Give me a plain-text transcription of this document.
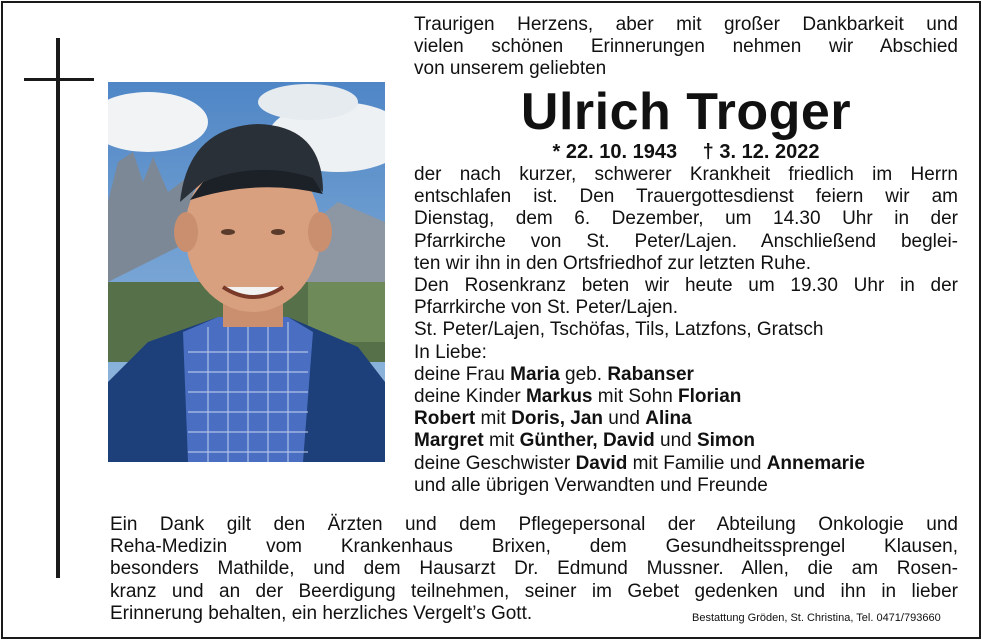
Traurigen Herzens, aber mit großer Dankbarkeit und
vielen schönen Erinnerungen nehmen wir Abschied
von unserem geliebten
Ulrich Troger
* 22. 10. 1943 † 3. 12. 2022
der nach kurzer, schwerer Krankheit friedlich im Herrn
entschlafen ist. Den Trauergottesdienst feiern wir am
Dienstag, dem 6. Dezember, um 14.30 Uhr in der
Pfarrkirche von St. Peter/Lajen. Anschließend beglei-
ten wir ihn in den Ortsfriedhof zur letzten Ruhe.
Den Rosenkranz beten wir heute um 19.30 Uhr in der
Pfarrkirche von St. Peter/Lajen.
St. Peter/Lajen, Tschöfas, Tils, Latzfons, Gratsch
In Liebe:
deine Frau Maria geb. Rabanser
deine Kinder Markus mit Sohn Florian
Robert mit Doris, Jan und Alina
Margret mit Günther, David und Simon
deine Geschwister David mit Familie und Annemarie
und alle übrigen Verwandten und Freunde
Ein Dank gilt den Ärzten und dem Pflegepersonal der Abteilung Onkologie und
Reha-Medizin vom Krankenhaus Brixen, dem Gesundheitssprengel Klausen,
besonders Mathilde, und dem Hausarzt Dr. Edmund Mussner. Allen, die am Rosen-
kranz und an der Beerdigung teilnehmen, seiner im Gebet gedenken und ihn in lieber
Erinnerung behalten, ein herzliches Vergelt’s Gott.	Bestattung Gröden, St. Christina, Tel. 0471/793660
